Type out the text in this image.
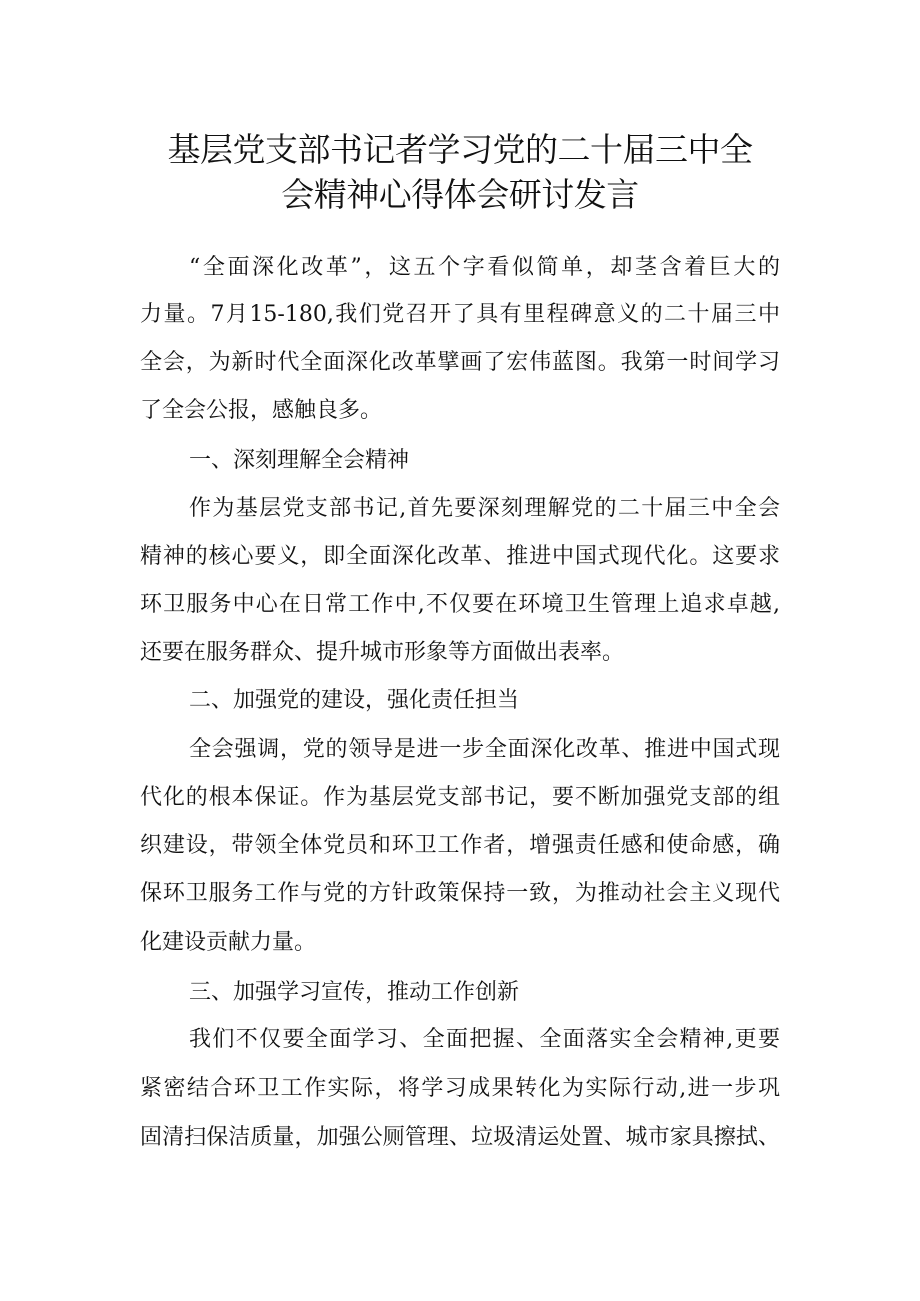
基层党支部书记者学习党的二十届三中全
会精神心得体会研讨发言
“全面深化改革”，这五个字看似简单，却茎含着巨大的
力量。7月15-180,我们党召开了具有里程碑意义的二十届三中
全会，为新时代全面深化改革擘画了宏伟蓝图。我第一时间学习
了全会公报，感触良多。
一、深刻理解全会精神
作为基层党支部书记,首先要深刻理解党的二十届三中全会
精神的核心要义，即全面深化改革、推进中国式现代化。这要求
环卫服务中心在日常工作中,不仅要在环境卫生管理上追求卓越,
还要在服务群众、提升城市形象等方面做出表率。
二、加强党的建设，强化责任担当
全会强调，党的领导是进一步全面深化改革、推进中国式现
代化的根本保证。作为基层党支部书记，要不断加强党支部的组
织建设，带领全体党员和环卫工作者，增强责任感和使命感，确
保环卫服务工作与党的方针政策保持一致，为推动社会主义现代
化建设贡献力量。
三、加强学习宣传，推动工作创新
我们不仅要全面学习、全面把握、全面落实全会精神,更要
紧密结合环卫工作实际，将学习成果转化为实际行动,进一步巩
固清扫保洁质量，加强公厕管理、垃圾清运处置、城市家具擦拭、
